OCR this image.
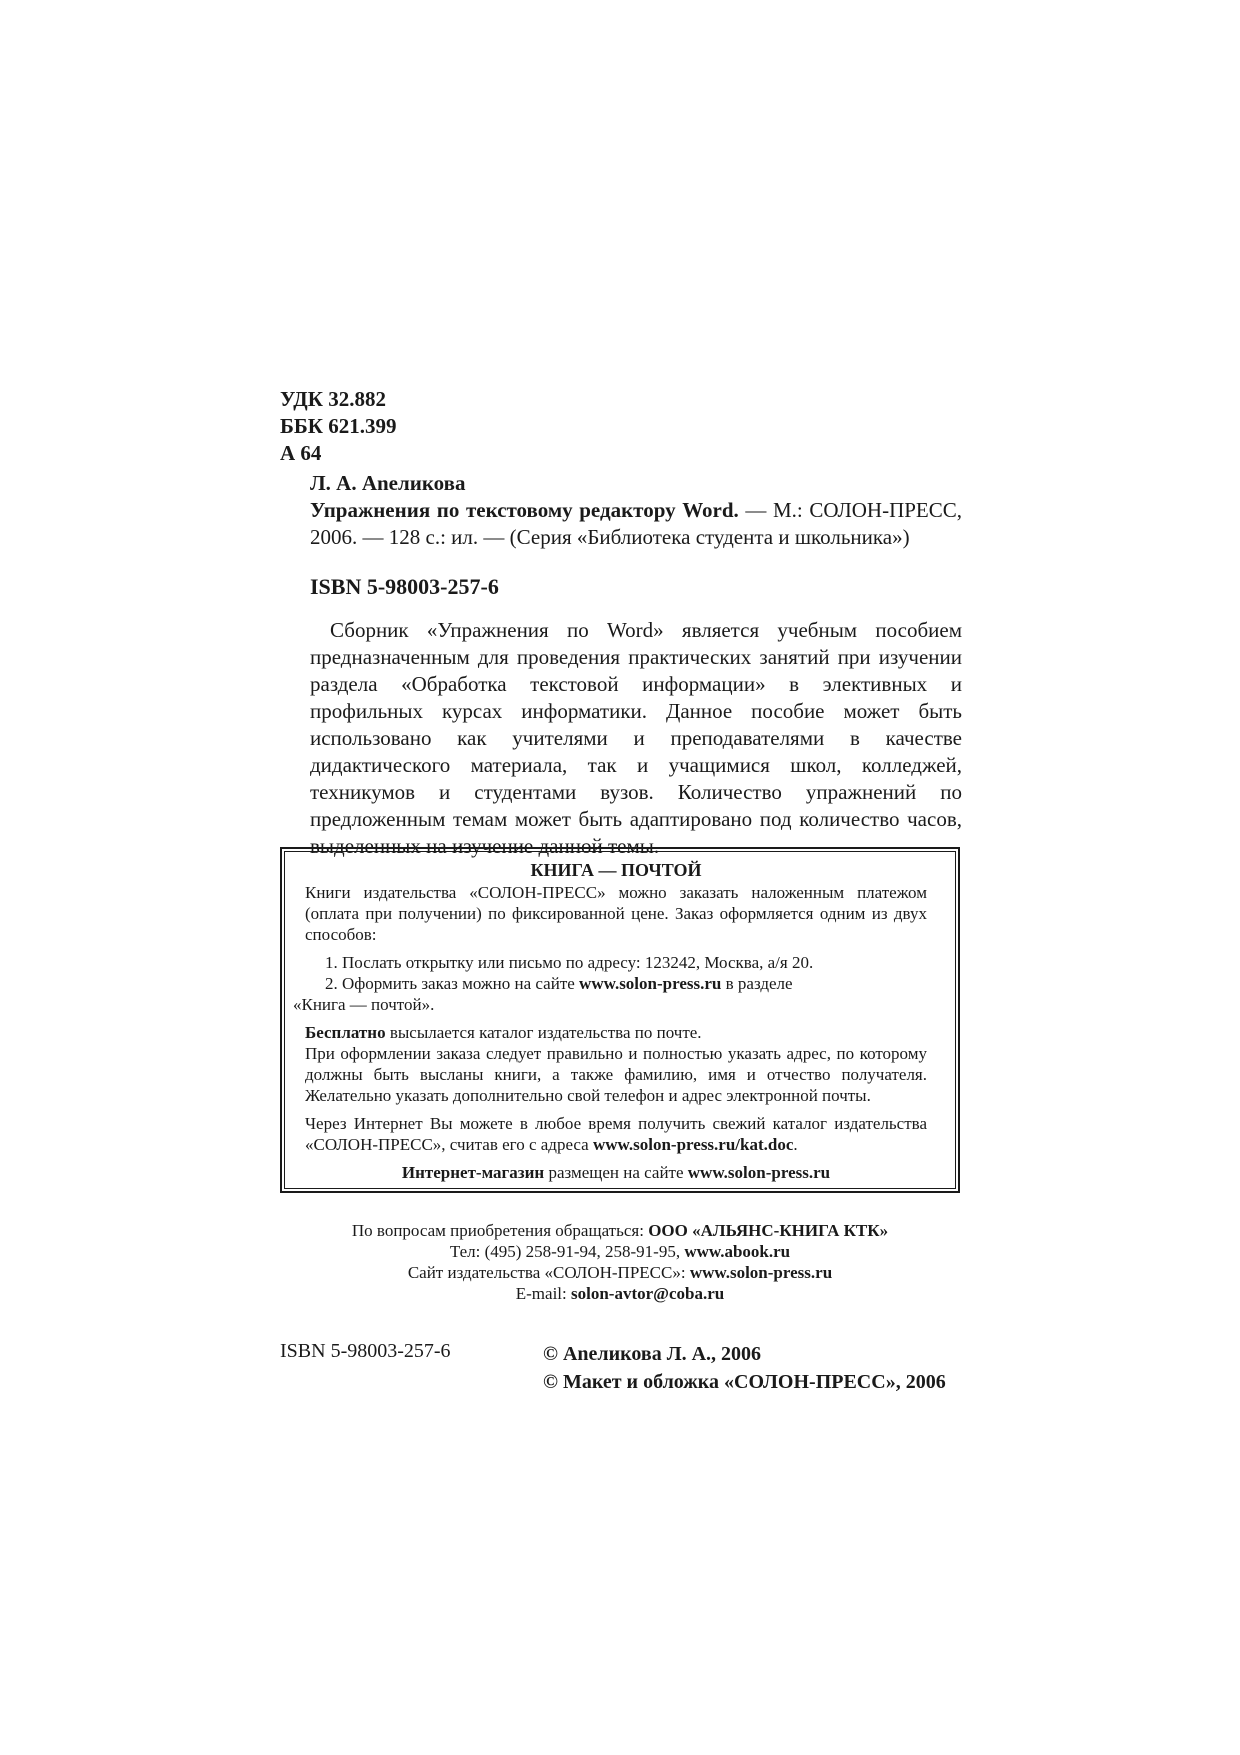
УДК 32.882
ББК 621.399
А 64
Л. А. Аneликова
Упражнения по текстовому редактору Word. — М.: СОЛОН-ПРЕСС, 2006. — 128 с.: ил. — (Серия «Библиотека студента и школьника»)
ISBN 5-98003-257-6
Сборник «Упражнения по Word» является учебным пособием предназначенным для проведения практических занятий при изучении раздела «Обработка текстовой информации» в элективных и профильных курсах информатики. Данное пособие может быть использовано как учителями и преподавателями в качестве дидактического материала, так и учащимися школ, колледжей, техникумов и студентами вузов. Количество упражнений по предложенным темам может быть адаптировано под количество часов, выделенных на изучение данной темы.
КНИГА — ПОЧТОЙ

Книги издательства «СОЛОН-ПРЕСС» можно заказать наложенным платежом (оплата при получении) по фиксированной цене. Заказ оформляется одним из двух способов:

1. Послать открытку или письмо по адресу: 123242, Москва, а/я 20.

2. Оформить заказ можно на сайте www.solon-press.ru в разделе

«Книга — почтой».

Бесплатно высылается каталог издательства по почте.

При оформлении заказа следует правильно и полностью указать адрес, по которому должны быть высланы книги, а также фамилию, имя и отчество получателя. Желательно указать дополнительно свой телефон и адрес электронной почты.

Через Интернет Вы можете в любое время получить свежий каталог издательства «СОЛОН-ПРЕСС», считав его с адреса www.solon-press.ru/kat.doc.

Интернет-магазин размещен на сайте www.solon-press.ru

По вопросам приобретения обращаться: ООО «АЛЬЯНС-КНИГА КТК»
Тел: (495) 258-91-94, 258-91-95, www.abook.ru
Сайт издательства «СОЛОН-ПРЕСС»: www.solon-press.ru
E-mail: solon-avtor@coba.ru
ISBN 5-98003-257-6	© Аneликова Л. А., 2006
© Макет и обложка «СОЛОН-ПРЕСС», 2006
